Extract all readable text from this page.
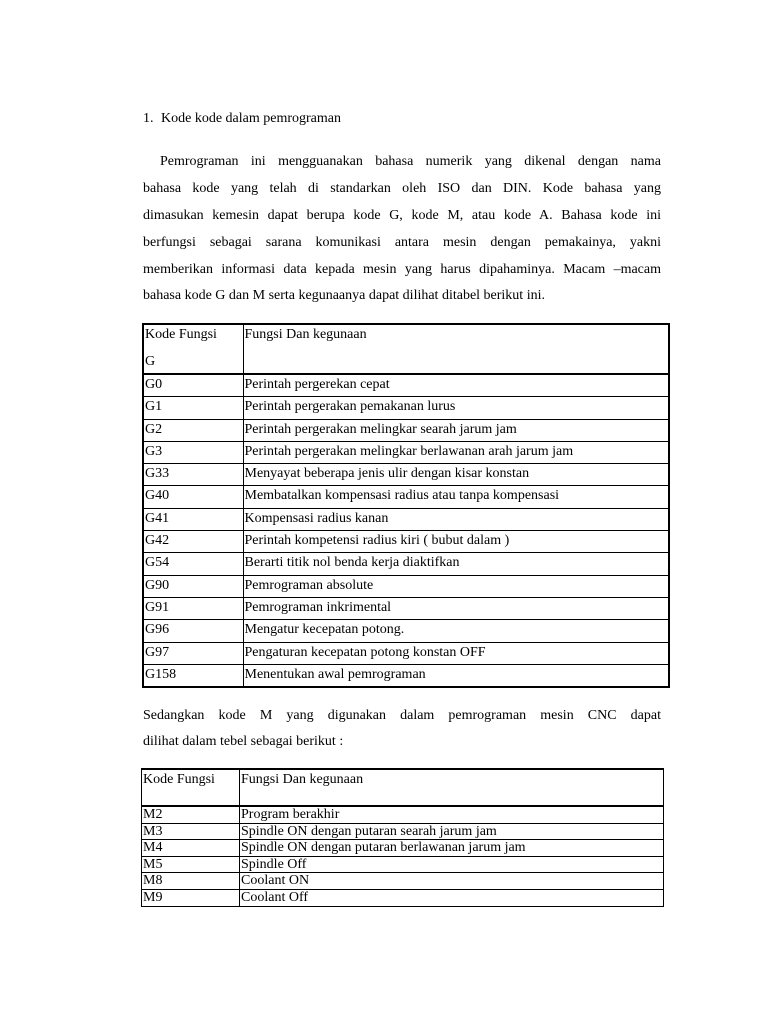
1. Kode kode dalam pemrograman
Pemrograman ini mengguanakan bahasa numerik yang dikenal dengan nama
bahasa kode yang telah di standarkan oleh ISO dan DIN. Kode bahasa yang
dimasukan kemesin dapat berupa kode G, kode M, atau kode A. Bahasa kode ini
berfungsi sebagai sarana komunikasi antara mesin dengan pemakainya, yakni
memberikan informasi data kepada mesin yang harus dipahaminya. Macam –macam
bahasa kode G dan M serta kegunaanya dapat dilihat ditabel berikut ini.
Kode Fungsi
G	Fungsi Dan kegunaan
G0	Perintah pergerekan cepat
G1	Perintah pergerakan pemakanan lurus
G2	Perintah pergerakan melingkar searah jarum jam
G3	Perintah pergerakan melingkar berlawanan arah jarum jam
G33	Menyayat beberapa jenis ulir dengan kisar konstan
G40	Membatalkan kompensasi radius atau tanpa kompensasi
G41	Kompensasi radius kanan
G42	Perintah kompetensi radius kiri ( bubut dalam )
G54	Berarti titik nol benda kerja diaktifkan
G90	Pemrograman absolute
G91	Pemrograman inkrimental
G96	Mengatur kecepatan potong.
G97	Pengaturan kecepatan potong konstan OFF
G158	Menentukan awal pemrograman
Sedangkan kode M yang digunakan dalam pemrograman mesin CNC dapat
dilihat dalam tebel sebagai berikut :
Kode Fungsi	Fungsi Dan kegunaan
M2	Program berakhir
M3	Spindle ON dengan putaran searah jarum jam
M4	Spindle ON dengan putaran berlawanan jarum jam
M5	Spindle Off
M8	Coolant ON
M9	Coolant Off
